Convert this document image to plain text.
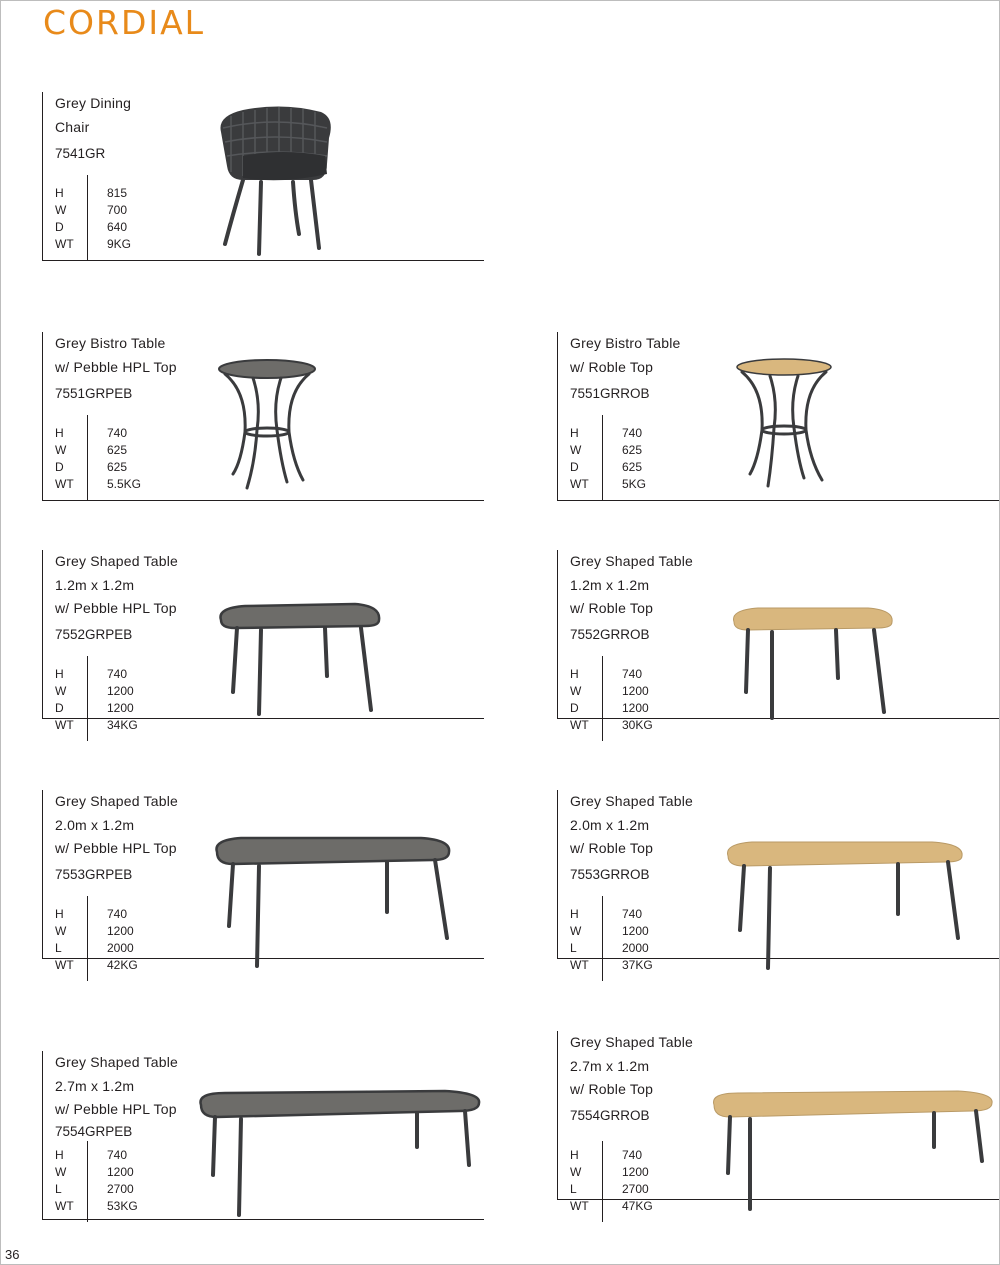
CORDIAL
Grey Dining
Chair
7541GR
H	815
W	700
D	640
WT	9KG
Grey Bistro Table
w/ Pebble HPL Top
7551GRPEB
H	740
W	625
D	625
WT	5.5KG
Grey Bistro Table
w/ Roble Top
7551GRROB
H	740
W	625
D	625
WT	5KG
Grey Shaped Table
1.2m x 1.2m
w/ Pebble HPL Top
7552GRPEB
H	740
W	1200
D	1200
WT	34KG
Grey Shaped Table
1.2m x 1.2m
w/ Roble Top
7552GRROB
H	740
W	1200
D	1200
WT	30KG
Grey Shaped Table
2.0m x 1.2m
w/ Pebble HPL Top
7553GRPEB
H	740
W	1200
L	2000
WT	42KG
Grey Shaped Table
2.0m x 1.2m
w/ Roble Top
7553GRROB
H	740
W	1200
L	2000
WT	37KG
Grey Shaped Table
2.7m x 1.2m
w/ Pebble HPL Top
7554GRPEB
H	740
W	1200
L	2700
WT	53KG
Grey Shaped Table
2.7m x 1.2m
w/ Roble Top
7554GRROB
H	740
W	1200
L	2700
WT	47KG
36
